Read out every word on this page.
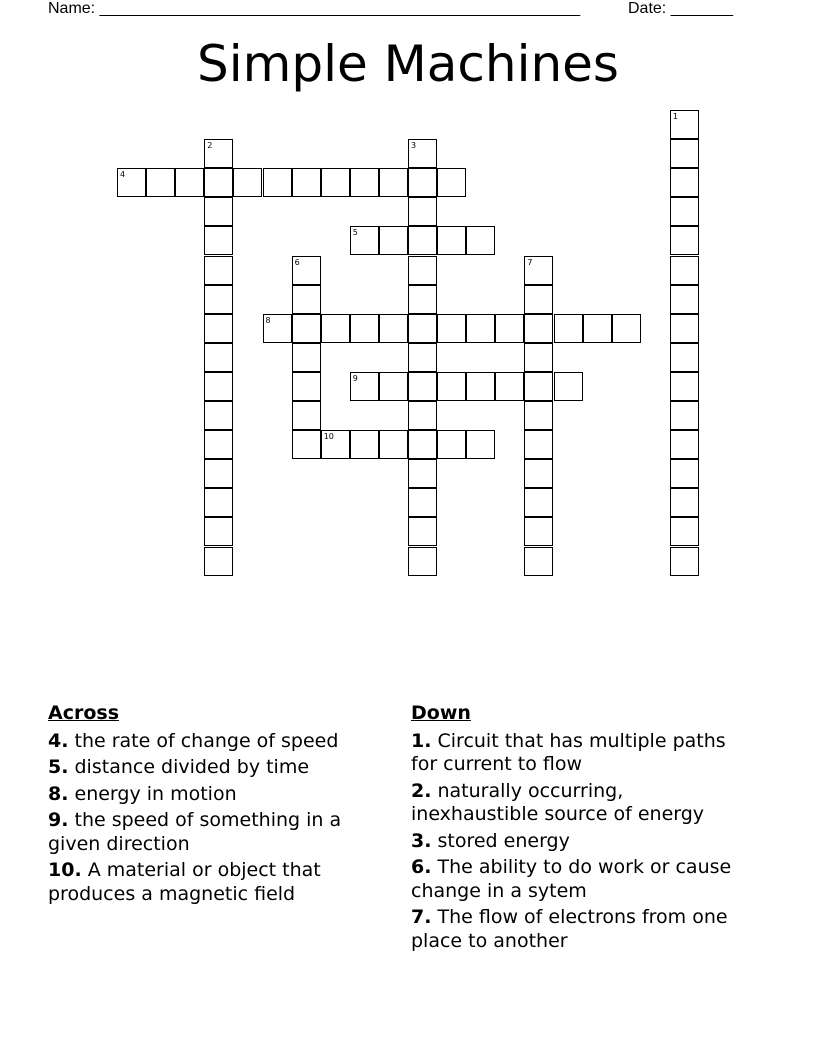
Name: ______________________________________________________	Date: _______
Simple Machines
1
2	3
4
5
6	7
8
9
10
Across
4. the rate of change of speed
5. distance divided by time
8. energy in motion
9. the speed of something in a given direction
10. A material or object that produces a magnetic field
Down
1. Circuit that has multiple paths for current to flow
2. naturally occurring, inexhaustible source of energy
3. stored energy
6. The ability to do work or cause change in a sytem
7. The flow of electrons from one place to another
